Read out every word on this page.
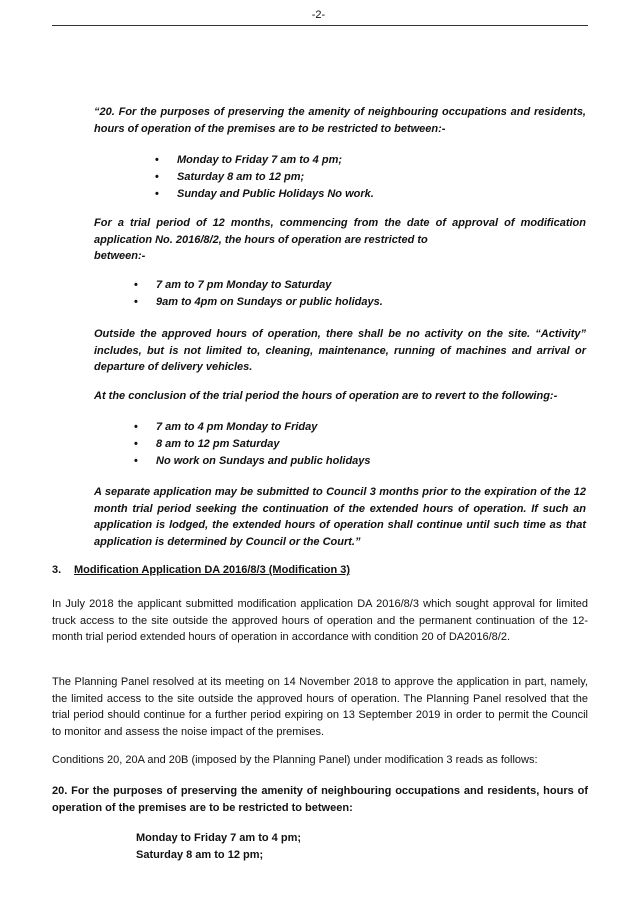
-2-

“20. For the purposes of preserving the amenity of neighbouring occupations and residents, hours of operation of the premises are to be restricted to between:-

• Monday to Friday 7 am to 4 pm;
• Saturday 8 am to 12 pm;
• Sunday and Public Holidays No work.

For a trial period of 12 months, commencing from the date of approval of modification application No. 2016/8/2, the hours of operation are restricted to
between:-

• 7 am to 7 pm Monday to Saturday
• 9am to 4pm on Sundays or public holidays.

Outside the approved hours of operation, there shall be no activity on the site. “Activity” includes, but is not limited to, cleaning, maintenance, running of machines and arrival or departure of delivery vehicles.

At the conclusion of the trial period the hours of operation are to revert to the following:-

• 7 am to 4 pm Monday to Friday
• 8 am to 12 pm Saturday
• No work on Sundays and public holidays

A separate application may be submitted to Council 3 months prior to the expiration of the 12 month trial period seeking the continuation of the extended hours of operation. If such an application is lodged, the extended hours of operation shall continue until such time as that application is determined by Council or the Court.”

3. Modification Application DA 2016/8/3 (Modification 3)

In July 2018 the applicant submitted modification application DA 2016/8/3 which sought approval for limited truck access to the site outside the approved hours of operation and the permanent continuation of the 12-month trial period extended hours of operation in accordance with condition 20 of DA2016/8/2.

The Planning Panel resolved at its meeting on 14 November 2018 to approve the application in part, namely, the limited access to the site outside the approved hours of operation. The Planning Panel resolved that the trial period should continue for a further period expiring on 13 September 2019 in order to permit the Council to monitor and assess the noise impact of the premises.

Conditions 20, 20A and 20B (imposed by the Planning Panel) under modification 3 reads as follows:

20. For the purposes of preserving the amenity of neighbouring occupations and residents, hours of operation of the premises are to be restricted to between:

Monday to Friday 7 am to 4 pm;
Saturday 8 am to 12 pm;
